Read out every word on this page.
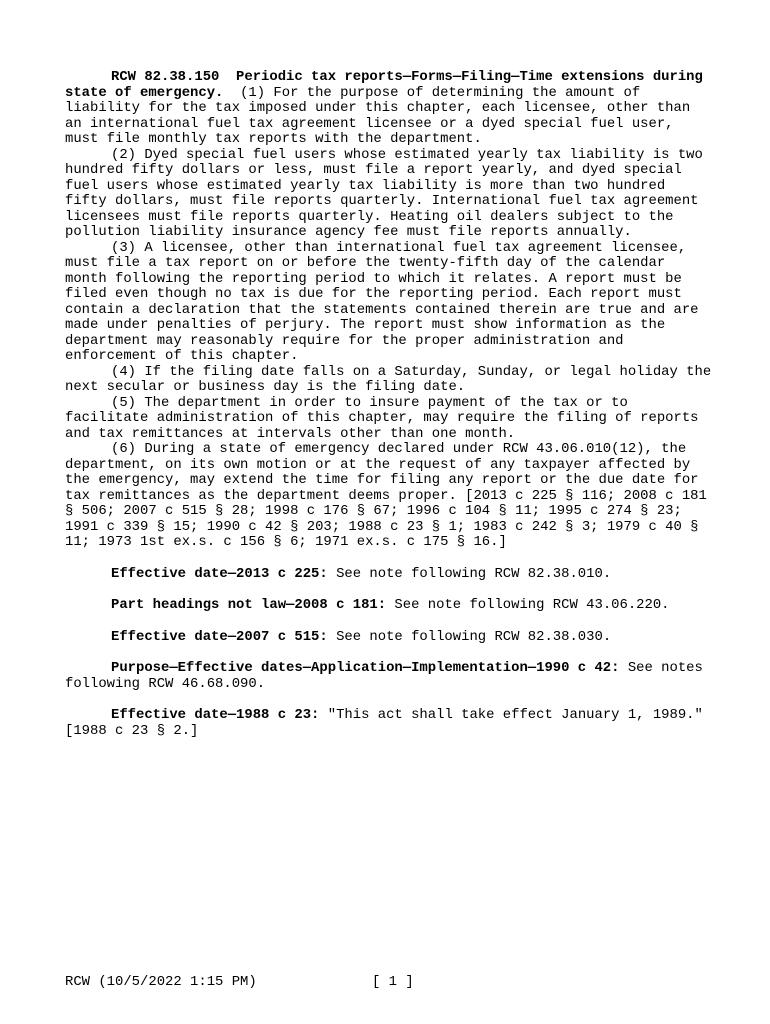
RCW 82.38.150  Periodic tax reports—Forms—Filing—Time extensions during state of emergency. (1) For the purpose of determining the amount of liability for the tax imposed under this chapter, each licensee, other than an international fuel tax agreement licensee or a dyed special fuel user, must file monthly tax reports with the department.

(2) Dyed special fuel users whose estimated yearly tax liability is two hundred fifty dollars or less, must file a report yearly, and dyed special fuel users whose estimated yearly tax liability is more than two hundred fifty dollars, must file reports quarterly. International fuel tax agreement licensees must file reports quarterly. Heating oil dealers subject to the pollution liability insurance agency fee must file reports annually.

(3) A licensee, other than international fuel tax agreement licensee, must file a tax report on or before the twenty-fifth day of the calendar month following the reporting period to which it relates. A report must be filed even though no tax is due for the reporting period. Each report must contain a declaration that the statements contained therein are true and are made under penalties of perjury. The report must show information as the department may reasonably require for the proper administration and enforcement of this chapter.

(4) If the filing date falls on a Saturday, Sunday, or legal holiday the next secular or business day is the filing date.

(5) The department in order to insure payment of the tax or to facilitate administration of this chapter, may require the filing of reports and tax remittances at intervals other than one month.

(6) During a state of emergency declared under RCW 43.06.010(12), the department, on its own motion or at the request of any taxpayer affected by the emergency, may extend the time for filing any report or the due date for tax remittances as the department deems proper. [2013 c 225 § 116; 2008 c 181 § 506; 2007 c 515 § 28; 1998 c 176 § 67; 1996 c 104 § 11; 1995 c 274 § 23; 1991 c 339 § 15; 1990 c 42 § 203; 1988 c 23 § 1; 1983 c 242 § 3; 1979 c 40 § 11; 1973 1st ex.s. c 156 § 6; 1971 ex.s. c 175 § 16.]

Effective date—2013 c 225: See note following RCW 82.38.010.

Part headings not law—2008 c 181: See note following RCW 43.06.220.

Effective date—2007 c 515: See note following RCW 82.38.030.

Purpose—Effective dates—Application—Implementation—1990 c 42: See notes following RCW 46.68.090.

Effective date—1988 c 23: "This act shall take effect January 1, 1989." [1988 c 23 § 2.]

RCW (10/5/2022 1:15 PM)	[ 1 ]
